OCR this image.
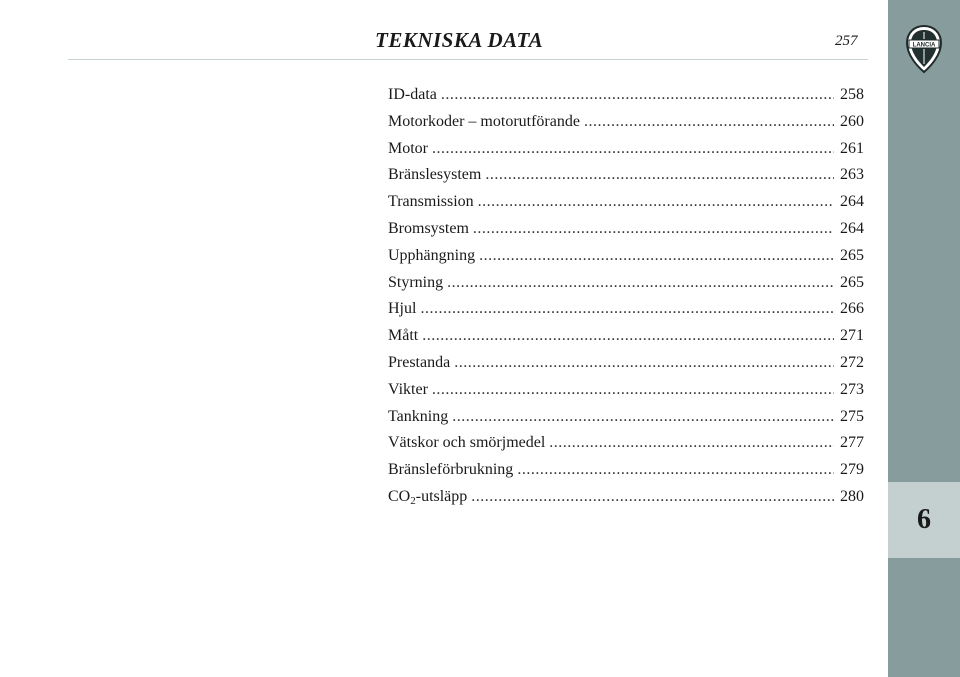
TEKNISKA DATA	257	LANCIA
6
ID-data .....	258
Motorkoder – motorutförande .....	260
Motor .....	261
Bränslesystem .....	263
Transmission .....	264
Bromsystem .....	264
Upphängning .....	265
Styrning .....	265
Hjul .....	266
Mått .....	271
Prestanda .....	272
Vikter .....	273
Tankning .....	275
Vätskor och smörjmedel .....	277
Bränsleförbrukning .....	279
$CO_2$-utsläpp .....	280
